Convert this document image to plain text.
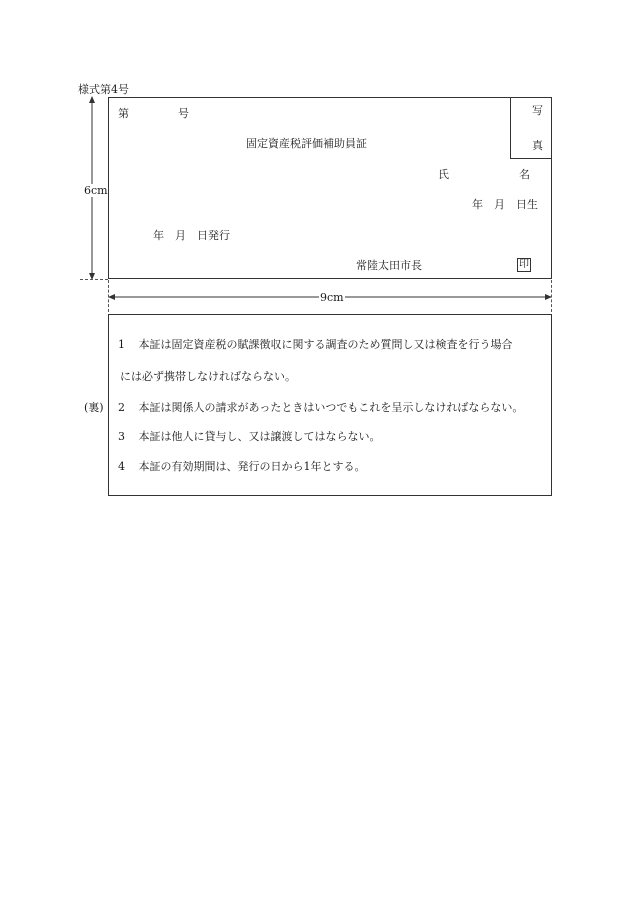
様式第4号
6cm
第	号	写
真
固定資産税評価補助員証
氏	名
年　月　日生
年　月　日発行
常陸太田市長	印
9cm
(裏)
1 本証は固定資産税の賦課徴収に関する調査のため質問し又は検査を行う場合
には必ず携帯しなければならない。
2 本証は関係人の請求があったときはいつでもこれを呈示しなければならない。
3 本証は他人に貸与し、又は譲渡してはならない。
4 本証の有効期間は、発行の日から1年とする。
